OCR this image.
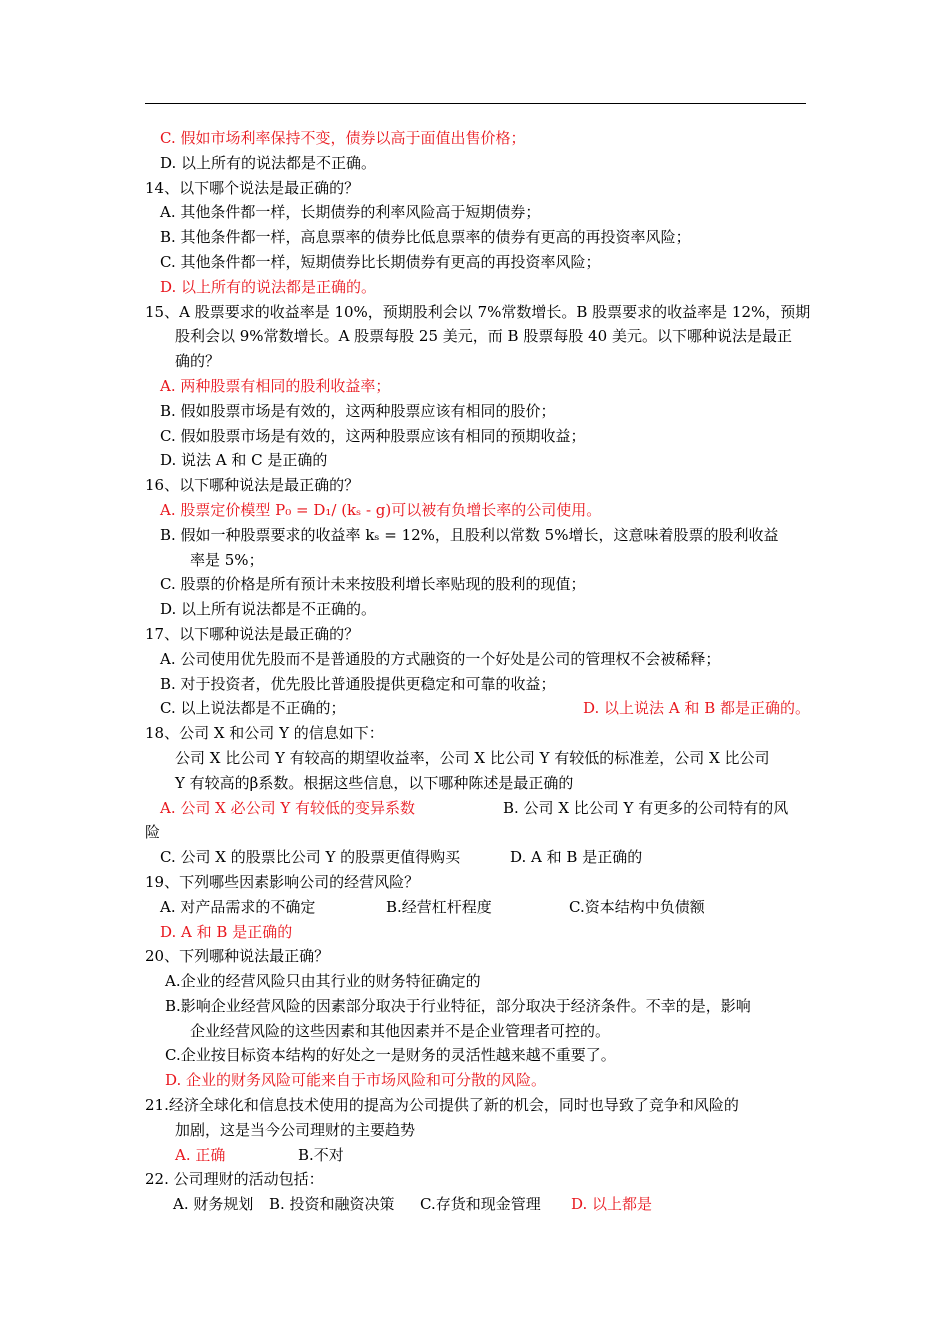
C. 假如市场利率保持不变，债券以高于面值出售价格；
D. 以上所有的说法都是不正确。
14、以下哪个说法是最正确的？
A. 其他条件都一样，长期债券的利率风险高于短期债券；
B. 其他条件都一样，高息票率的债券比低息票率的债券有更高的再投资率风险；
C. 其他条件都一样，短期债券比长期债券有更高的再投资率风险；
D. 以上所有的说法都是正确的。
15、A 股票要求的收益率是 10%，预期股利会以 7%常数增长。B 股票要求的收益率是 12%，预期
股利会以 9%常数增长。A 股票每股 25 美元，而 B 股票每股 40 美元。以下哪种说法是最正
确的？
A. 两种股票有相同的股利收益率；
B. 假如股票市场是有效的，这两种股票应该有相同的股价；
C. 假如股票市场是有效的，这两种股票应该有相同的预期收益；
D. 说法 A 和 C 是正确的
16、以下哪种说法是最正确的？
A. 股票定价模型 P₀ = D₁/ (kₛ - g)可以被有负增长率的公司使用。
B. 假如一种股票要求的收益率 kₛ = 12%，且股利以常数 5%增长，这意味着股票的股利收益
率是 5%；
C. 股票的价格是所有预计未来按股利增长率贴现的股利的现值；
D. 以上所有说法都是不正确的。
17、以下哪种说法是最正确的？
A. 公司使用优先股而不是普通股的方式融资的一个好处是公司的管理权不会被稀释；
B. 对于投资者，优先股比普通股提供更稳定和可靠的收益；
C. 以上说法都是不正确的；	D. 以上说法 A 和 B 都是正确的。
18、公司 X 和公司 Y 的信息如下：
公司 X 比公司 Y 有较高的期望收益率，公司 X 比公司 Y 有较低的标准差，公司 X 比公司
Y 有较高的β系数。根据这些信息，以下哪种陈述是最正确的
A. 公司 X 必公司 Y 有较低的变异系数	B. 公司 X 比公司 Y 有更多的公司特有的风
险
C. 公司 X 的股票比公司 Y 的股票更值得购买	D. A 和 B 是正确的
19、下列哪些因素影响公司的经营风险？
A. 对产品需求的不确定	B.经营杠杆程度	C.资本结构中负债额
D. A 和 B 是正确的
20、下列哪种说法最正确？
A.企业的经营风险只由其行业的财务特征确定的
B.影响企业经营风险的因素部分取决于行业特征，部分取决于经济条件。不幸的是，影响
企业经营风险的这些因素和其他因素并不是企业管理者可控的。
C.企业按目标资本结构的好处之一是财务的灵活性越来越不重要了。
D. 企业的财务风险可能来自于市场风险和可分散的风险。
21.经济全球化和信息技术使用的提高为公司提供了新的机会，同时也导致了竞争和风险的
加剧，这是当今公司理财的主要趋势
A. 正确	B.不对
22. 公司理财的活动包括：
A. 财务规划	B. 投资和融资决策	C.存货和现金管理	D. 以上都是
